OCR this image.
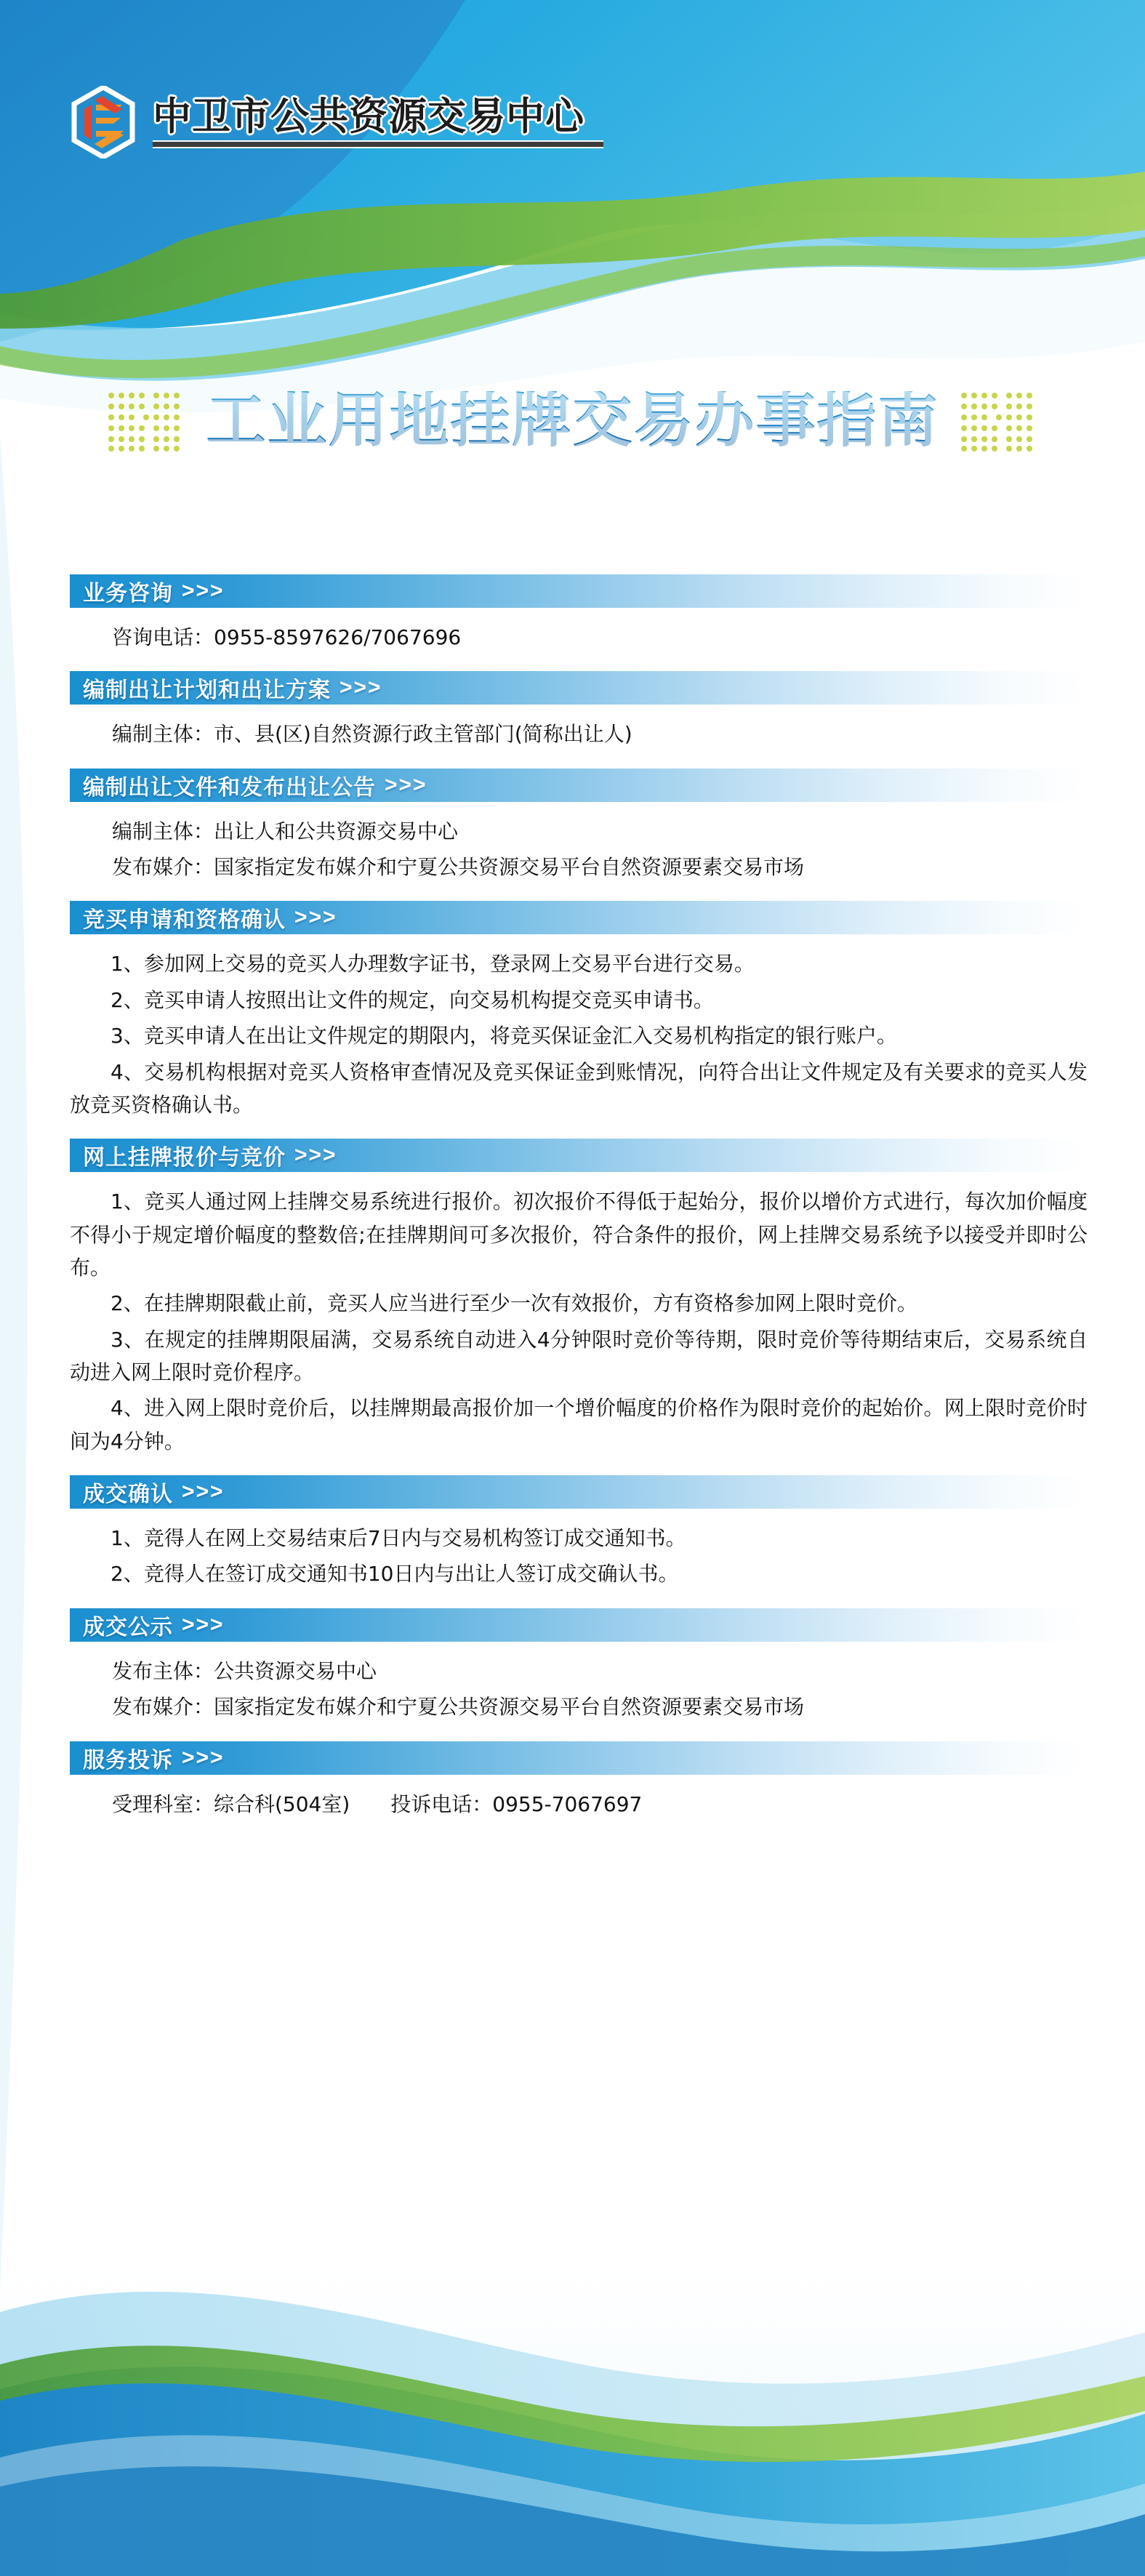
中卫市公共资源交易中心
工业用地挂牌交易办事指南
业务咨询 >>>

咨询电话：0955-8597626/7067696

编制出让计划和出让方案 >>>

编制主体：市、县(区)自然资源行政主管部门(简称出让人)

编制出让文件和发布出让公告 >>>

编制主体：出让人和公共资源交易中心

发布媒介：国家指定发布媒介和宁夏公共资源交易平台自然资源要素交易市场

竞买申请和资格确认 >>>

1、参加网上交易的竞买人办理数字证书，登录网上交易平台进行交易。

2、竞买申请人按照出让文件的规定，向交易机构提交竞买申请书。

3、竞买申请人在出让文件规定的期限内，将竞买保证金汇入交易机构指定的银行账户。

4、交易机构根据对竞买人资格审查情况及竞买保证金到账情况，向符合出让文件规定及有关要求的竞买人发放竞买资格确认书。

网上挂牌报价与竞价 >>>

1、竞买人通过网上挂牌交易系统进行报价。初次报价不得低于起始分，报价以增价方式进行，每次加价幅度不得小于规定增价幅度的整数倍;在挂牌期间可多次报价，符合条件的报价，网上挂牌交易系统予以接受并即时公布。

2、在挂牌期限截止前，竞买人应当进行至少一次有效报价，方有资格参加网上限时竞价。

3、在规定的挂牌期限届满，交易系统自动进入4分钟限时竞价等待期，限时竞价等待期结束后，交易系统自动进入网上限时竞价程序。

4、进入网上限时竞价后，以挂牌期最高报价加一个增价幅度的价格作为限时竞价的起始价。网上限时竞价时间为4分钟。

成交确认 >>>

1、竞得人在网上交易结束后7日内与交易机构签订成交通知书。

2、竞得人在签订成交通知书10日内与出让人签订成交确认书。

成交公示 >>>

发布主体：公共资源交易中心

发布媒介：国家指定发布媒介和宁夏公共资源交易平台自然资源要素交易市场

服务投诉 >>>

受理科室：综合科(504室)　　投诉电话：0955-7067697
